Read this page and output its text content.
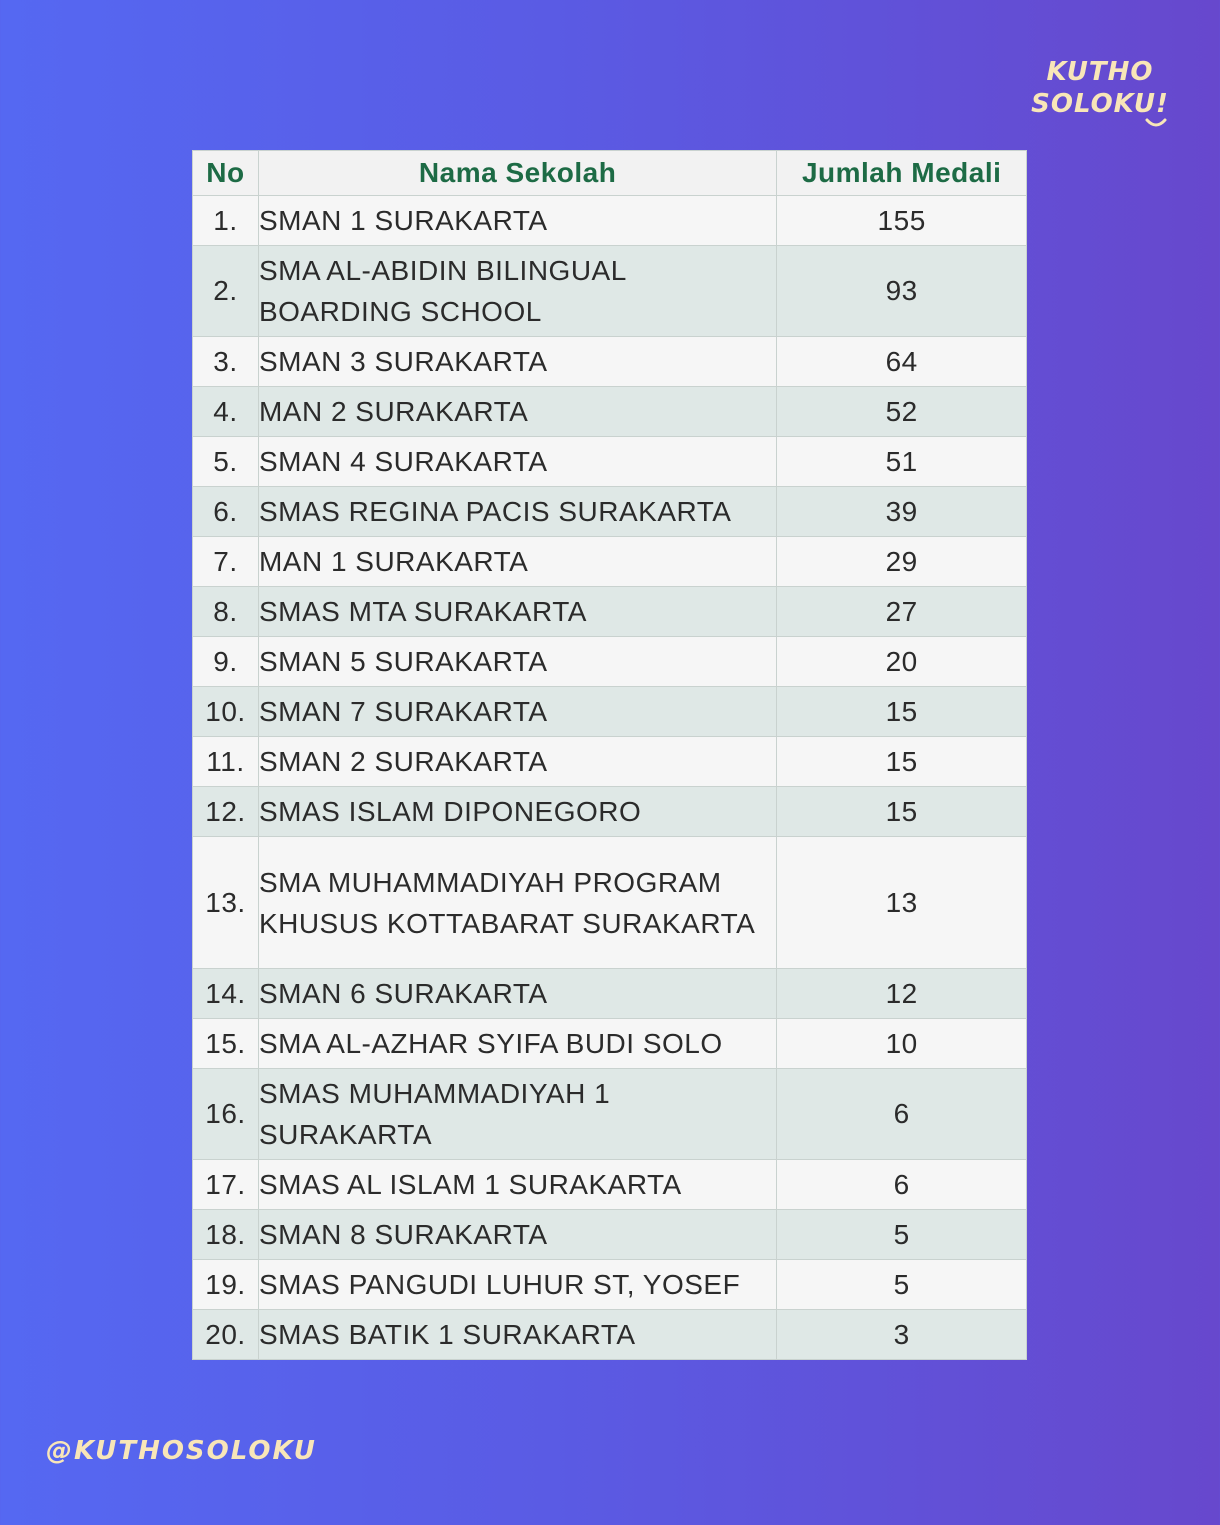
KUTHO
SOLOKU!
No	Nama Sekolah	Jumlah Medali
1.	SMAN 1 SURAKARTA	155
2.	SMA AL-ABIDIN BILINGUAL BOARDING SCHOOL	93
3.	SMAN 3 SURAKARTA	64
4.	MAN 2 SURAKARTA	52
5.	SMAN 4 SURAKARTA	51
6.	SMAS REGINA PACIS SURAKARTA	39
7.	MAN 1 SURAKARTA	29
8.	SMAS MTA SURAKARTA	27
9.	SMAN 5 SURAKARTA	20
10.	SMAN 7 SURAKARTA	15
11.	SMAN 2 SURAKARTA	15
12.	SMAS ISLAM DIPONEGORO	15
13.	SMA MUHAMMADIYAH PROGRAM KHUSUS KOTTABARAT SURAKARTA	13
14.	SMAN 6 SURAKARTA	12
15.	SMA AL-AZHAR SYIFA BUDI SOLO	10
16.	SMAS MUHAMMADIYAH 1 SURAKARTA	6
17.	SMAS AL ISLAM 1 SURAKARTA	6
18.	SMAN 8 SURAKARTA	5
19.	SMAS PANGUDI LUHUR ST, YOSEF	5
20.	SMAS BATIK 1 SURAKARTA	3
@KUTHOSOLOKU
